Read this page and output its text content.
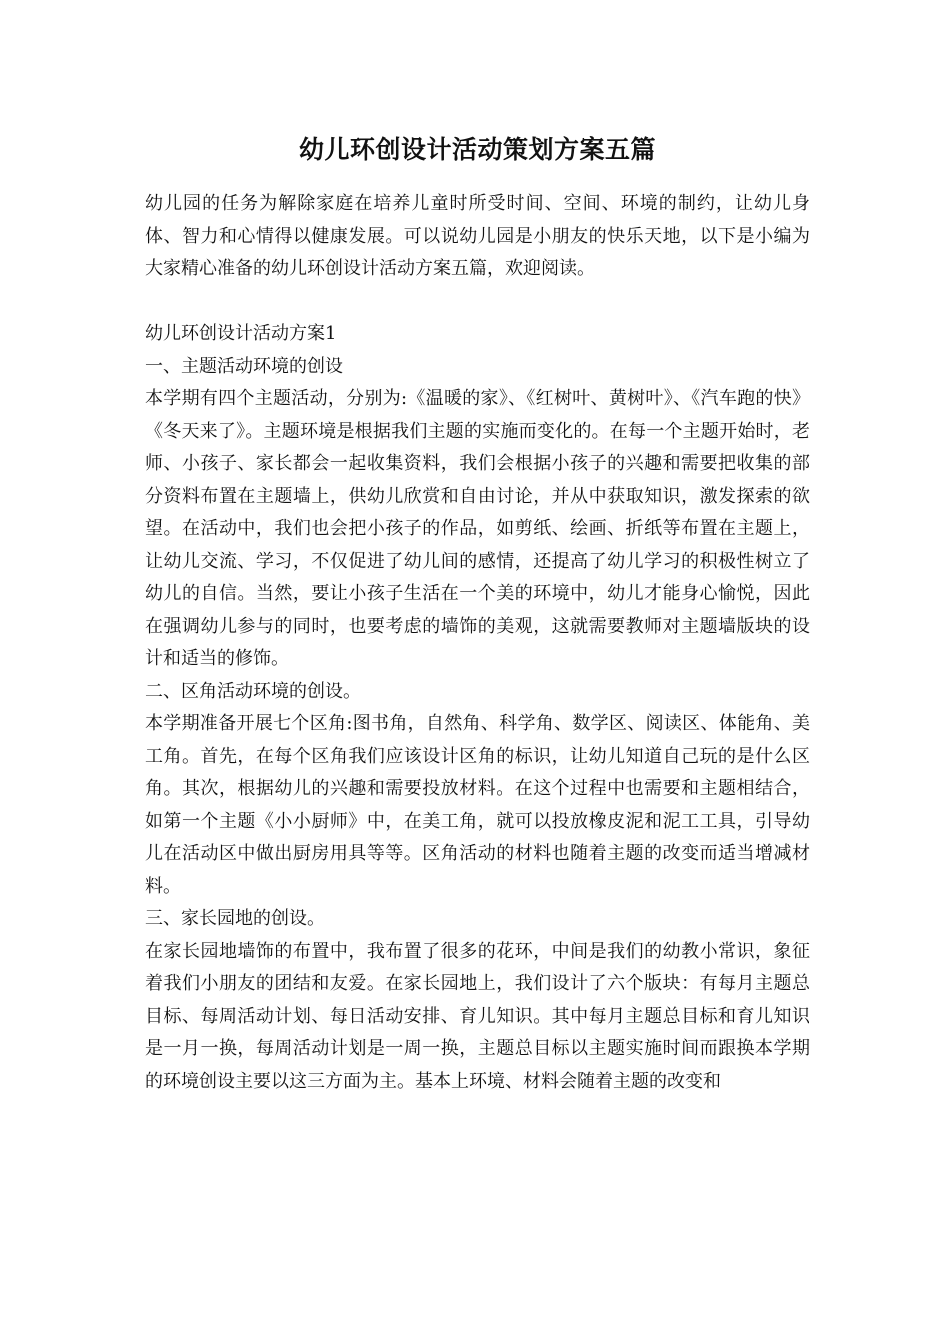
幼儿环创设计活动策划方案五篇

幼儿园的任务为解除家庭在培养儿童时所受时间、空间、环境的制约，让幼儿身体、智力和心情得以健康发展。可以说幼儿园是小朋友的快乐天地，以下是小编为大家精心准备的幼儿环创设计活动方案五篇，欢迎阅读。

幼儿环创设计活动方案1

一、主题活动环境的创设

本学期有四个主题活动，分别为:《温暖的家》、《红树叶、黄树叶》、《汽车跑的快》《冬天来了》。主题环境是根据我们主题的实施而变化的。在每一个主题开始时，老师、小孩子、家长都会一起收集资料，我们会根据小孩子的兴趣和需要把收集的部分资料布置在主题墙上，供幼儿欣赏和自由讨论，并从中获取知识，激发探索的欲望。在活动中，我们也会把小孩子的作品，如剪纸、绘画、折纸等布置在主题上，让幼儿交流、学习，不仅促进了幼儿间的感情，还提高了幼儿学习的积极性树立了幼儿的自信。当然，要让小孩子生活在一个美的环境中，幼儿才能身心愉悦，因此在强调幼儿参与的同时，也要考虑的墙饰的美观，这就需要教师对主题墙版块的设计和适当的修饰。

二、区角活动环境的创设。

本学期准备开展七个区角:图书角，自然角、科学角、数学区、阅读区、体能角、美工角。首先，在每个区角我们应该设计区角的标识，让幼儿知道自己玩的是什么区角。其次，根据幼儿的兴趣和需要投放材料。在这个过程中也需要和主题相结合，如第一个主题《小小厨师》中，在美工角，就可以投放橡皮泥和泥工工具，引导幼儿在活动区中做出厨房用具等等。区角活动的材料也随着主题的改变而适当增减材料。

三、家长园地的创设。

在家长园地墙饰的布置中，我布置了很多的花环，中间是我们的幼教小常识，象征着我们小朋友的团结和友爱。在家长园地上，我们设计了六个版块：有每月主题总目标、每周活动计划、每日活动安排、育儿知识。其中每月主题总目标和育儿知识是一月一换，每周活动计划是一周一换，主题总目标以主题实施时间而跟换本学期的环境创设主要以这三方面为主。基本上环境、材料会随着主题的改变和
